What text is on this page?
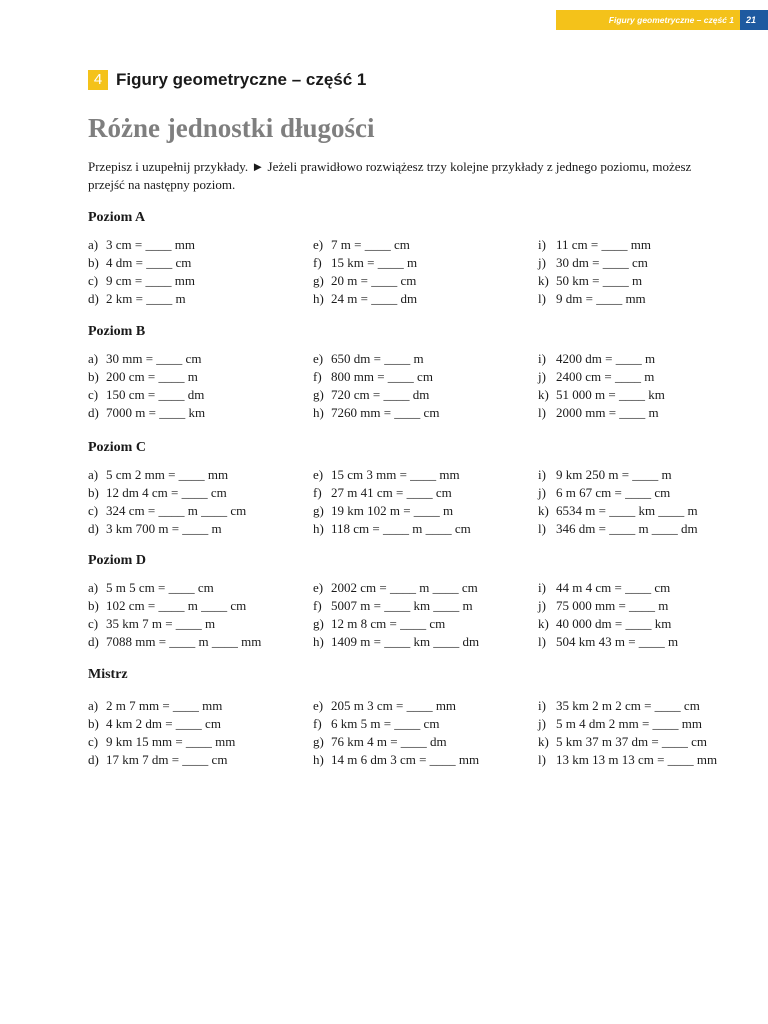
Figury geometryczne – część 1	21
4 Figury geometryczne – część 1
Różne jednostki długości

Przepisz i uzupełnij przykłady. ► Jeżeli prawidłowo rozwiążesz trzy kolejne przykłady z jednego poziomu, możesz przejść na następny poziom.

Poziom A
a) 3 cm = ____ mm
b) 4 dm = ____ cm
c) 9 cm = ____ mm
d) 2 km = ____ m
e) 7 m = ____ cm
f) 15 km = ____ m
g) 20 m = ____ cm
h) 24 m = ____ dm
i) 11 cm = ____ mm
j) 30 dm = ____ cm
k) 50 km = ____ m
l) 9 dm = ____ mm
Poziom B
a) 30 mm = ____ cm
b) 200 cm = ____ m
c) 150 cm = ____ dm
d) 7000 m = ____ km
e) 650 dm = ____ m
f) 800 mm = ____ cm
g) 720 cm = ____ dm
h) 7260 mm = ____ cm
i) 4200 dm = ____ m
j) 2400 cm = ____ m
k) 51 000 m = ____ km
l) 2000 mm = ____ m
Poziom C
a) 5 cm 2 mm = ____ mm
b) 12 dm 4 cm = ____ cm
c) 324 cm = ____ m ____ cm
d) 3 km 700 m = ____ m
e) 15 cm 3 mm = ____ mm
f) 27 m 41 cm = ____ cm
g) 19 km 102 m = ____ m
h) 118 cm = ____ m ____ cm
i) 9 km 250 m = ____ m
j) 6 m 67 cm = ____ cm
k) 6534 m = ____ km ____ m
l) 346 dm = ____ m ____ dm
Poziom D
a) 5 m 5 cm = ____ cm
b) 102 cm = ____ m ____ cm
c) 35 km 7 m = ____ m
d) 7088 mm = ____ m ____ mm
e) 2002 cm = ____ m ____ cm
f) 5007 m = ____ km ____ m
g) 12 m 8 cm = ____ cm
h) 1409 m = ____ km ____ dm
i) 44 m 4 cm = ____ cm
j) 75 000 mm = ____ m
k) 40 000 dm = ____ km
l) 504 km 43 m = ____ m
Mistrz
a) 2 m 7 mm = ____ mm
b) 4 km 2 dm = ____ cm
c) 9 km 15 mm = ____ mm
d) 17 km 7 dm = ____ cm
e) 205 m 3 cm = ____ mm
f) 6 km 5 m = ____ cm
g) 76 km 4 m = ____ dm
h) 14 m 6 dm 3 cm = ____ mm
i) 35 km 2 m 2 cm = ____ cm
j) 5 m 4 dm 2 mm = ____ mm
k) 5 km 37 m 37 dm = ____ cm
l) 13 km 13 m 13 cm = ____ mm
